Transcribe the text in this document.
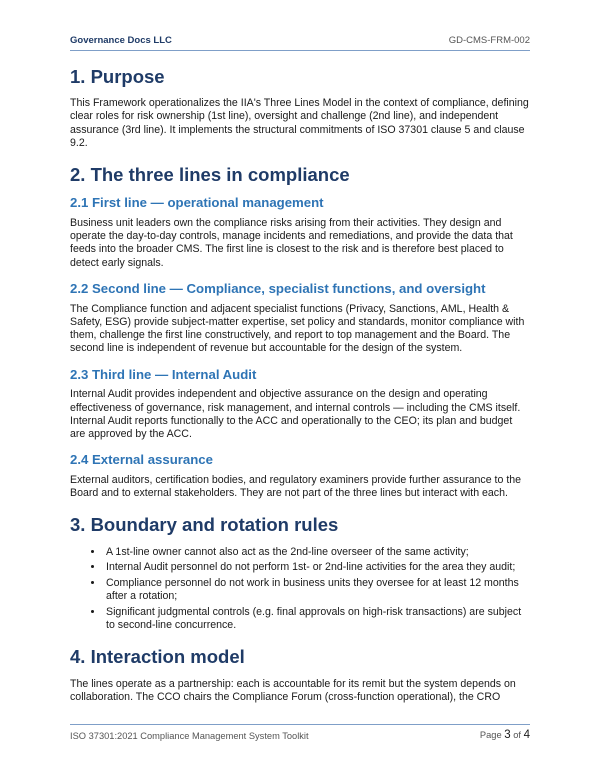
Governance Docs LLC	GD-CMS-FRM-002
1. Purpose

This Framework operationalizes the IIA's Three Lines Model in the context of compliance, defining clear roles for risk ownership (1st line), oversight and challenge (2nd line), and independent assurance (3rd line). It implements the structural commitments of ISO 37301 clause 5 and clause 9.2.

2. The three lines in compliance
2.1 First line — operational management

Business unit leaders own the compliance risks arising from their activities. They design and operate the day-to-day controls, manage incidents and remediations, and provide the data that feeds into the broader CMS. The first line is closest to the risk and is therefore best placed to detect early signals.

2.2 Second line — Compliance, specialist functions, and oversight

The Compliance function and adjacent specialist functions (Privacy, Sanctions, AML, Health & Safety, ESG) provide subject-matter expertise, set policy and standards, monitor compliance with them, challenge the first line constructively, and report to top management and the Board. The second line is independent of revenue but accountable for the design of the system.

2.3 Third line — Internal Audit

Internal Audit provides independent and objective assurance on the design and operating effectiveness of governance, risk management, and internal controls — including the CMS itself. Internal Audit reports functionally to the ACC and operationally to the CEO; its plan and budget are approved by the ACC.

2.4 External assurance

External auditors, certification bodies, and regulatory examiners provide further assurance to the Board and to external stakeholders. They are not part of the three lines but interact with each.

3. Boundary and rotation rules
• A 1st-line owner cannot also act as the 2nd-line overseer of the same activity;
• Internal Audit personnel do not perform 1st- or 2nd-line activities for the area they audit;
• Compliance personnel do not work in business units they oversee for at least 12 months after a rotation;
• Significant judgmental controls (e.g. final approvals on high-risk transactions) are subject to second-line concurrence.
4. Interaction model

The lines operate as a partnership: each is accountable for its remit but the system depends on collaboration. The CCO chairs the Compliance Forum (cross-function operational), the CRO

ISO 37301:2021 Compliance Management System Toolkit	Page 3 of 4
